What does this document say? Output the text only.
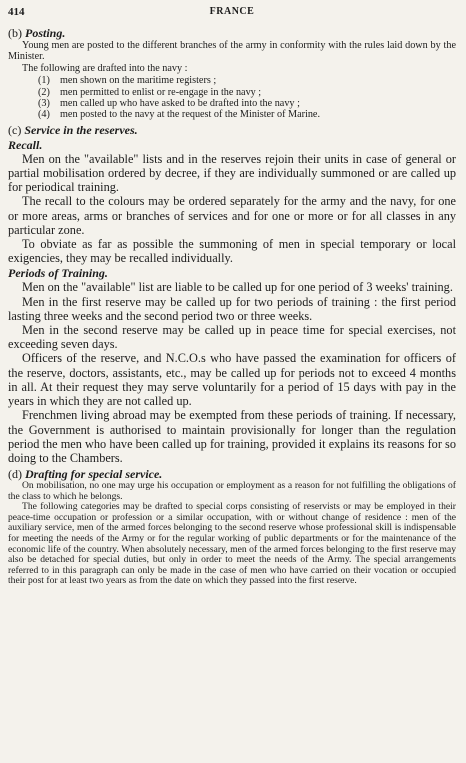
414	FRANCE
(b) Posting.

Young men are posted to the different branches of the army in conformity with the rules laid down by the Minister.

The following are drafted into the navy :

(1) men shown on the maritime registers ;
(2) men permitted to enlist or re-engage in the navy ;
(3) men called up who have asked to be drafted into the navy ;
(4) men posted to the navy at the request of the Minister of Marine.
(c) Service in the reserves.
Recall.

Men on the "available" lists and in the reserves rejoin their units in case of general or partial mobilisation ordered by decree, if they are individually summoned or are called up for periodical training.

The recall to the colours may be ordered separately for the army and the navy, for one or more areas, arms or branches of services and for one or more or for all classes in any particular zone.

To obviate as far as possible the summoning of men in special temporary or local exigencies, they may be recalled individually.

Periods of Training.

Men on the "available" list are liable to be called up for one period of 3 weeks' training.

Men in the first reserve may be called up for two periods of training : the first period lasting three weeks and the second period two or three weeks.

Men in the second reserve may be called up in peace time for special exercises, not exceeding seven days.

Officers of the reserve, and N.C.O.s who have passed the examination for officers of the reserve, doctors, assistants, etc., may be called up for periods not to exceed 4 months in all. At their request they may serve voluntarily for a period of 15 days with pay in the years in which they are not called up.

Frenchmen living abroad may be exempted from these periods of training. If necessary, the Government is authorised to maintain provisionally for longer than the regulation period the men who have been called up for training, provided it explains its reasons for so doing to the Chambers.

(d) Drafting for special service.

On mobilisation, no one may urge his occupation or employment as a reason for not fulfilling the obligations of the class to which he belongs.

The following categories may be drafted to special corps consisting of reservists or may be employed in their peace-time occupation or profession or a similar occupation, with or without change of residence : men of the auxiliary service, men of the armed forces belonging to the second reserve whose professional skill is indispensable for meeting the needs of the Army or for the regular working of public departments or for the maintenance of the economic life of the country. When absolutely necessary, men of the armed forces belonging to the first reserve may also be detached for special duties, but only in order to meet the needs of the Army. The special arrangements referred to in this paragraph can only be made in the case of men who have carried on their vocation or occupied their post for at least two years as from the date on which they passed into the first reserve.
